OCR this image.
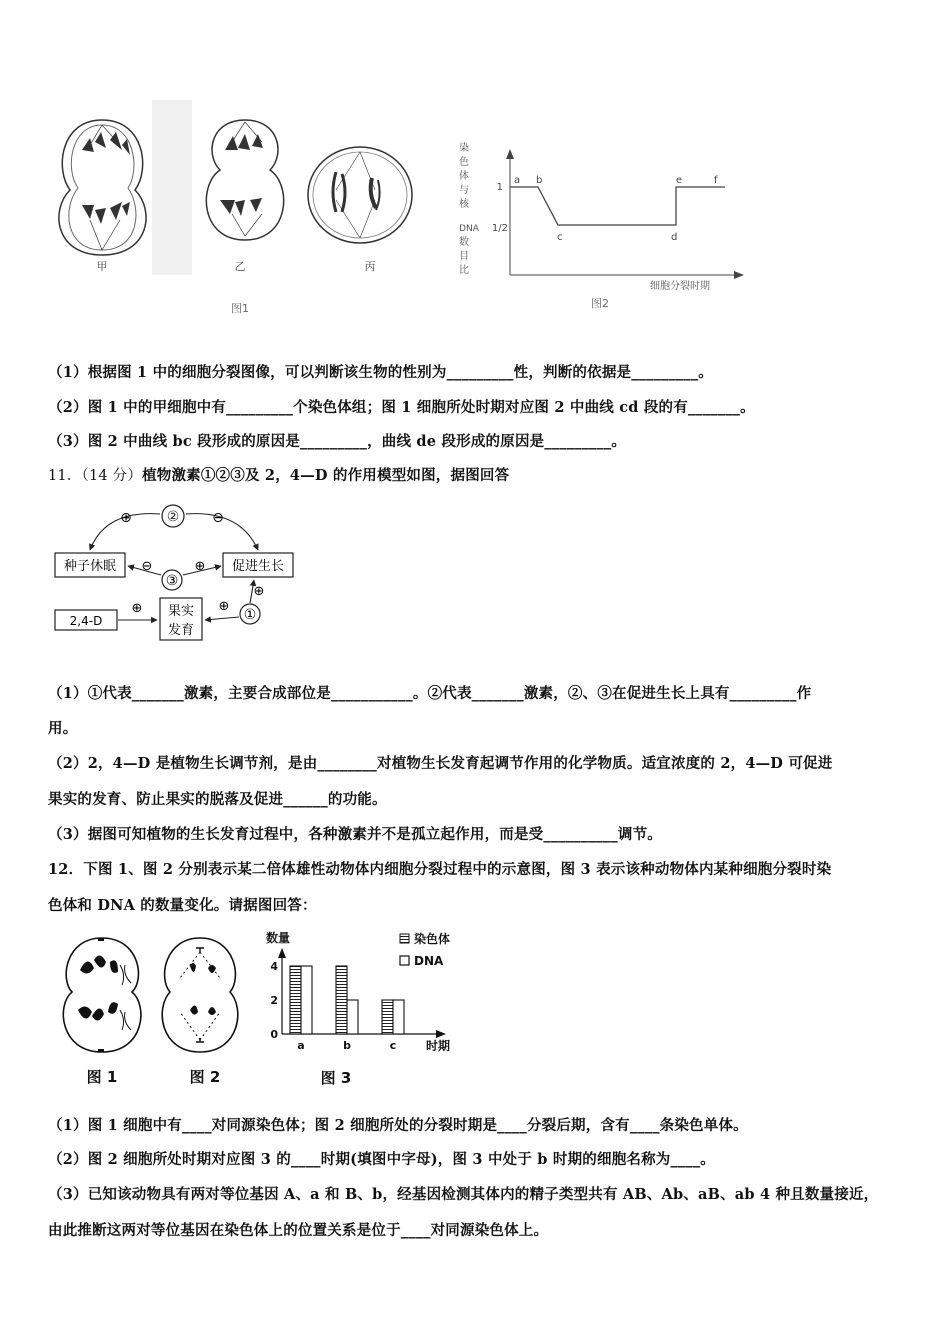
甲	乙	丙
图1
染
色
体
与
核
DNA
数
目
比
1
1/2
a b
c	d
e	f
细胞分裂时期
图2
（1）根据图 1 中的细胞分裂图像，可以判断该生物的性别为_________性，判断的依据是_________。
（2）图 1 中的甲细胞中有_________个染色体组；图 1 细胞所处时期对应图 2 中曲线 cd 段的有_______。
（3）图 2 中曲线 bc 段形成的原因是_________，曲线 de 段形成的原因是_________。
11．（14 分）植物激素①②③及 2，4—D 的作用模型如图，据图回答
②
⊕	⊖
种子休眠	促进生长
③
⊖	⊕
2,4-D
⊕ 果实
发育
①
⊕
⊕
（1）①代表_______激素，主要合成部位是___________。②代表_______激素，②、③在促进生长上具有_________作
用。
（2）2，4—D 是植物生长调节剂，是由________对植物生长发育起调节作用的化学物质。适宜浓度的 2，4—D 可促进
果实的发育、防止果实的脱落及促进______的功能。
（3）据图可知植物的生长发育过程中，各种激素并不是孤立起作用，而是受__________调节。
12．下图 1、图 2 分别表示某二倍体雄性动物体内细胞分裂过程中的示意图，图 3 表示该种动物体内某种细胞分裂时染
色体和 DNA 的数量变化。请据图回答：
图 1	图 2
数量
0
2
4
a	b	c 时期
染色体
DNA
图 3
（1）图 1 细胞中有____对同源染色体；图 2 细胞所处的分裂时期是____分裂后期，含有____条染色单体。
（2）图 2 细胞所处时期对应图 3 的____时期(填图中字母)，图 3 中处于 b 时期的细胞名称为____。
（3）已知该动物具有两对等位基因 A、a 和 B、b，经基因检测其体内的精子类型共有 AB、Ab、aB、ab 4 种且数量接近，
由此推断这两对等位基因在染色体上的位置关系是位于____对同源染色体上。
